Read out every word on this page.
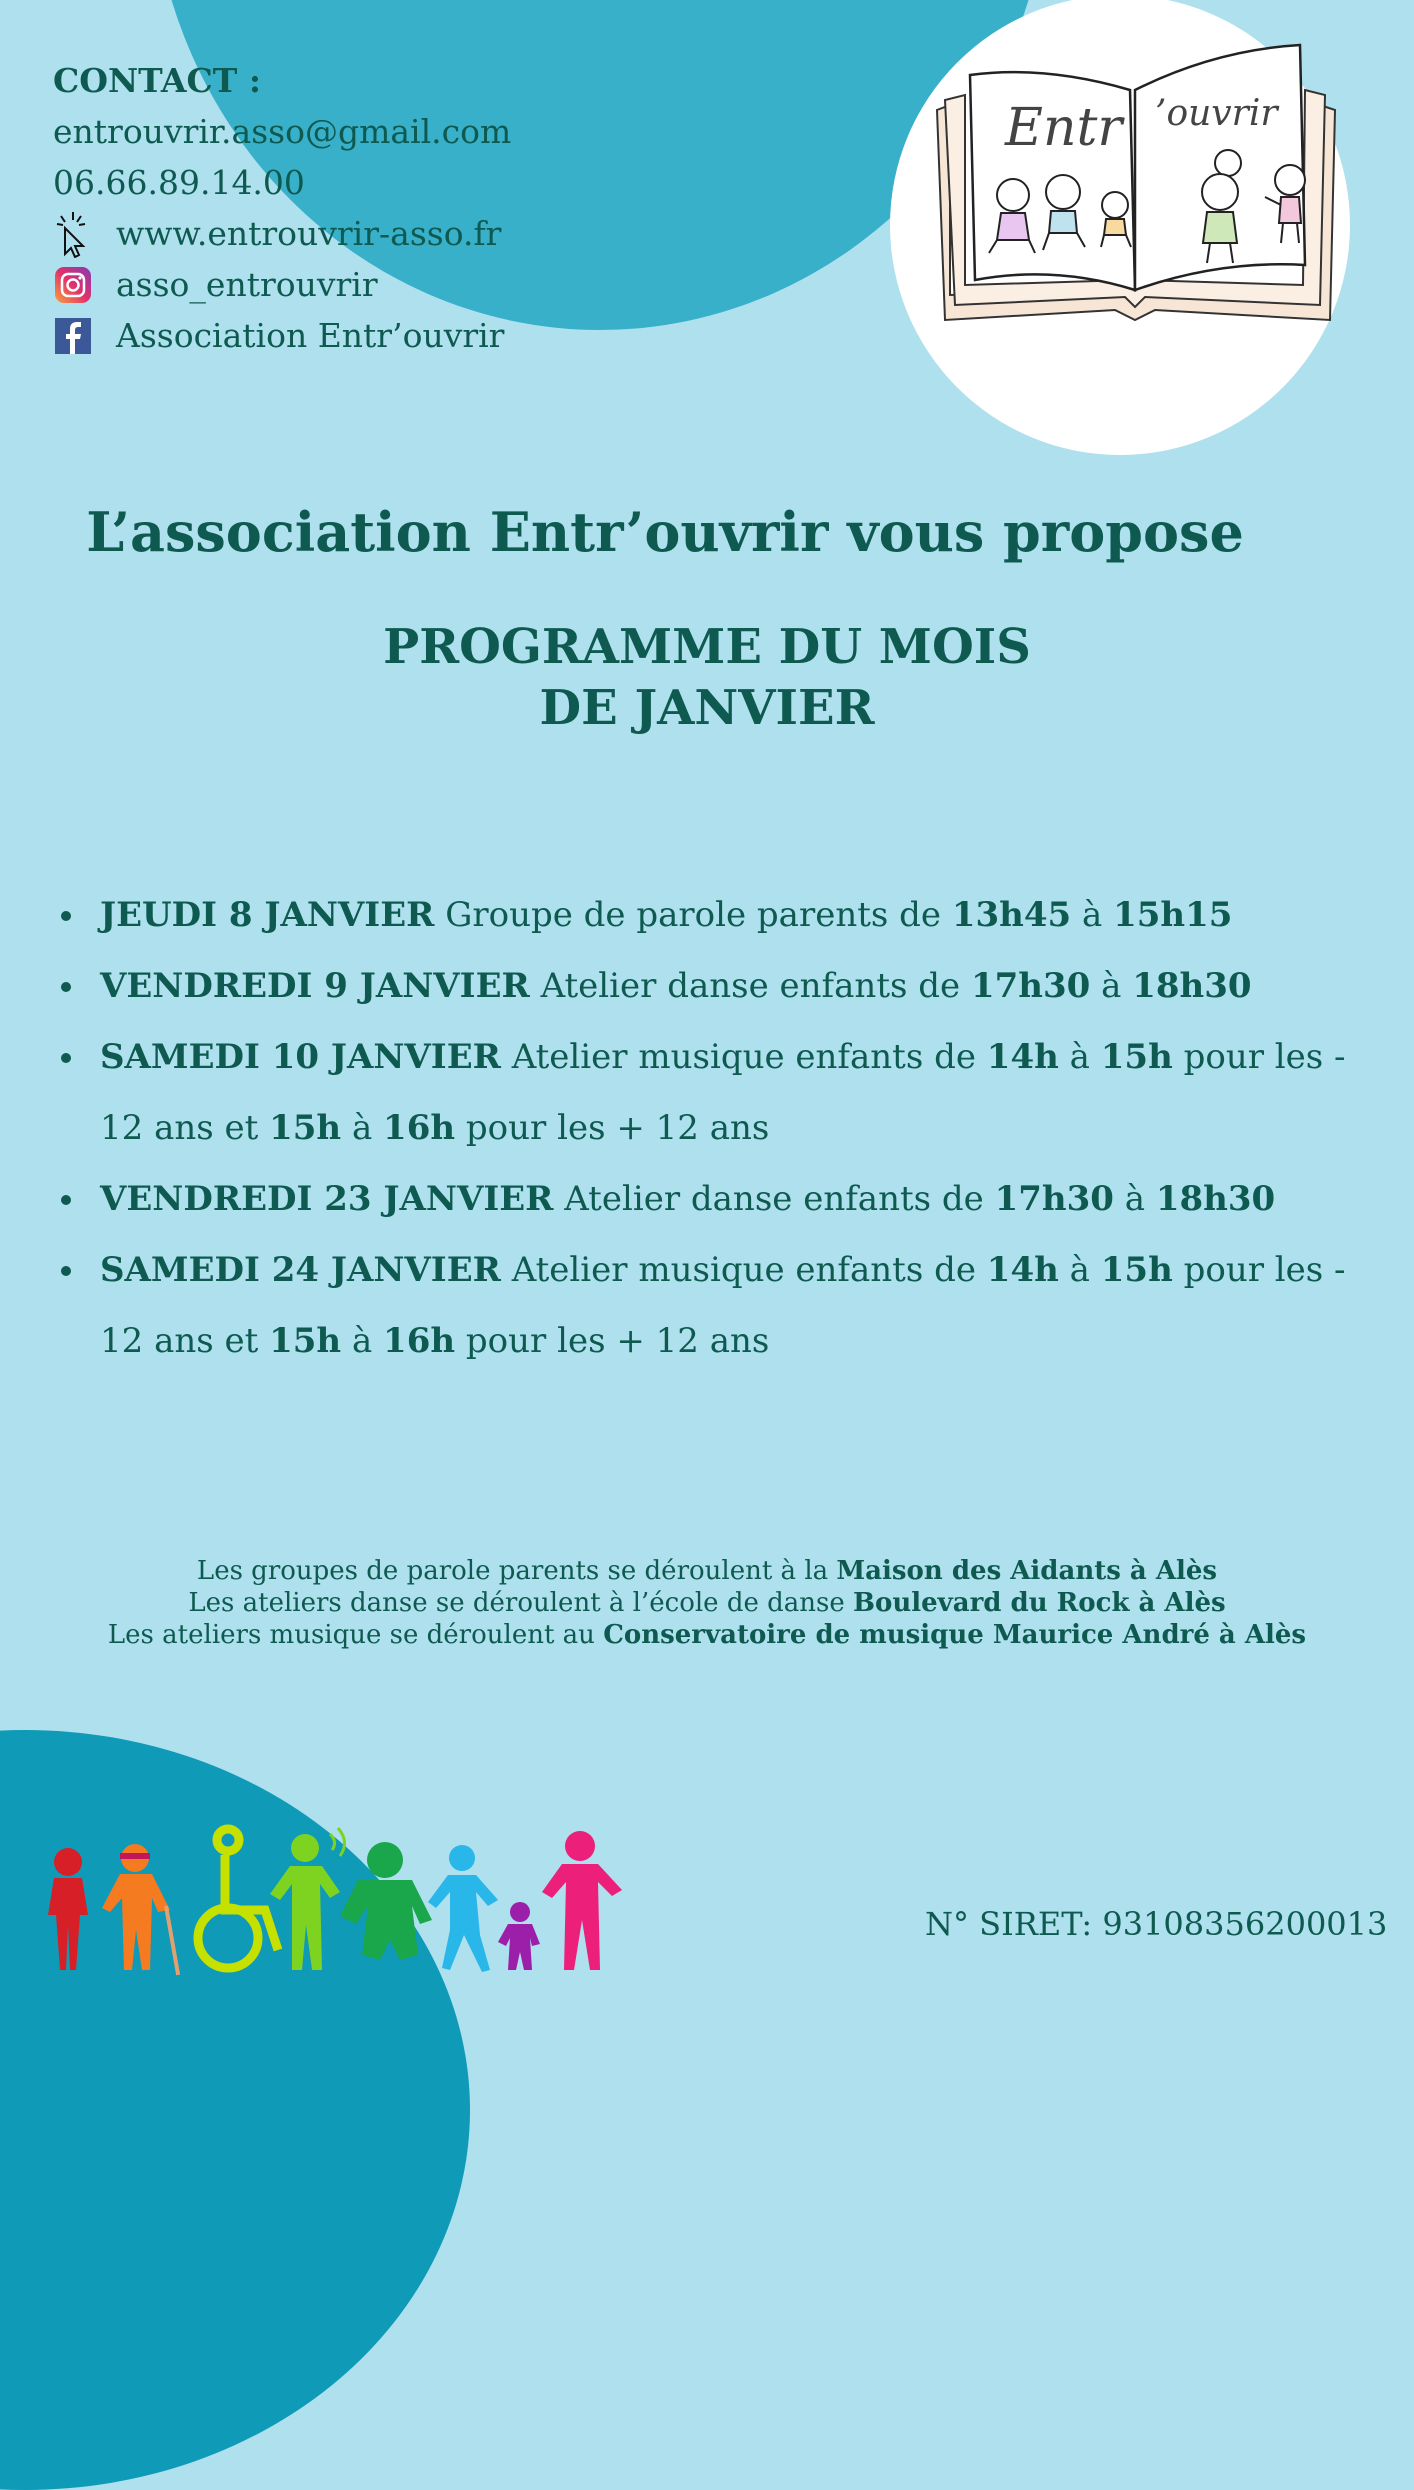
Entr ’ouvrir
CONTACT :
entrouvrir.asso@gmail.com
06.66.89.14.00
www.entrouvrir-asso.fr
asso_entrouvrir
Association Entr’ouvrir
L’association Entr’ouvrir vous propose
PROGRAMME DU MOIS
DE JANVIER
JEUDI 8 JANVIER Groupe de parole parents de 13h45 à 15h15
VENDREDI 9 JANVIER Atelier danse enfants de 17h30 à 18h30
SAMEDI 10 JANVIER Atelier musique enfants de 14h à 15h pour les - 12 ans et 15h à 16h pour les + 12 ans
VENDREDI 23 JANVIER Atelier danse enfants de 17h30 à 18h30
SAMEDI 24 JANVIER Atelier musique enfants de 14h à 15h pour les - 12 ans et 15h à 16h pour les + 12 ans
Les groupes de parole parents se déroulent à la Maison des Aidants à Alès
Les ateliers danse se déroulent à l’école de danse Boulevard du Rock à Alès
Les ateliers musique se déroulent au Conservatoire de musique Maurice André à Alès
N° SIRET: 93108356200013
